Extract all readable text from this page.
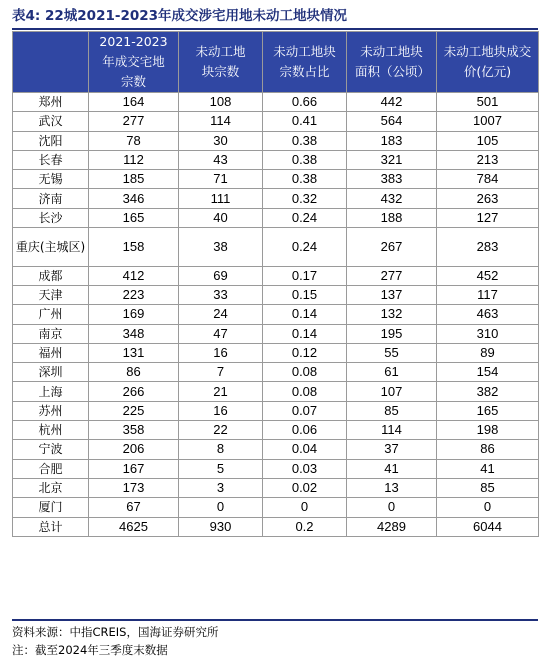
表4: 22城2021-2023年成交涉宅用地未动工地块情况
	2021-2023年成交宅地宗数	未动工地块宗数	未动工地块宗数占比	未动工地块面积（公顷）	未动工地块成交价(亿元)
郑州	164	108	0.66	442	501
武汉	277	114	0.41	564	1007
沈阳	78	30	0.38	183	105
长春	112	43	0.38	321	213
无锡	185	71	0.38	383	784
济南	346	111	0.32	432	263
长沙	165	40	0.24	188	127
重庆(主城区)	158	38	0.24	267	283
成都	412	69	0.17	277	452
天津	223	33	0.15	137	117
广州	169	24	0.14	132	463
南京	348	47	0.14	195	310
福州	131	16	0.12	55	89
深圳	86	7	0.08	61	154
上海	266	21	0.08	107	382
苏州	225	16	0.07	85	165
杭州	358	22	0.06	114	198
宁波	206	8	0.04	37	86
合肥	167	5	0.03	41	41
北京	173	3	0.02	13	85
厦门	67	0	0	0	0
总计	4625	930	0.2	4289	6044
资料来源：中指CREIS，国海证券研究所
注：截至2024年三季度末数据
